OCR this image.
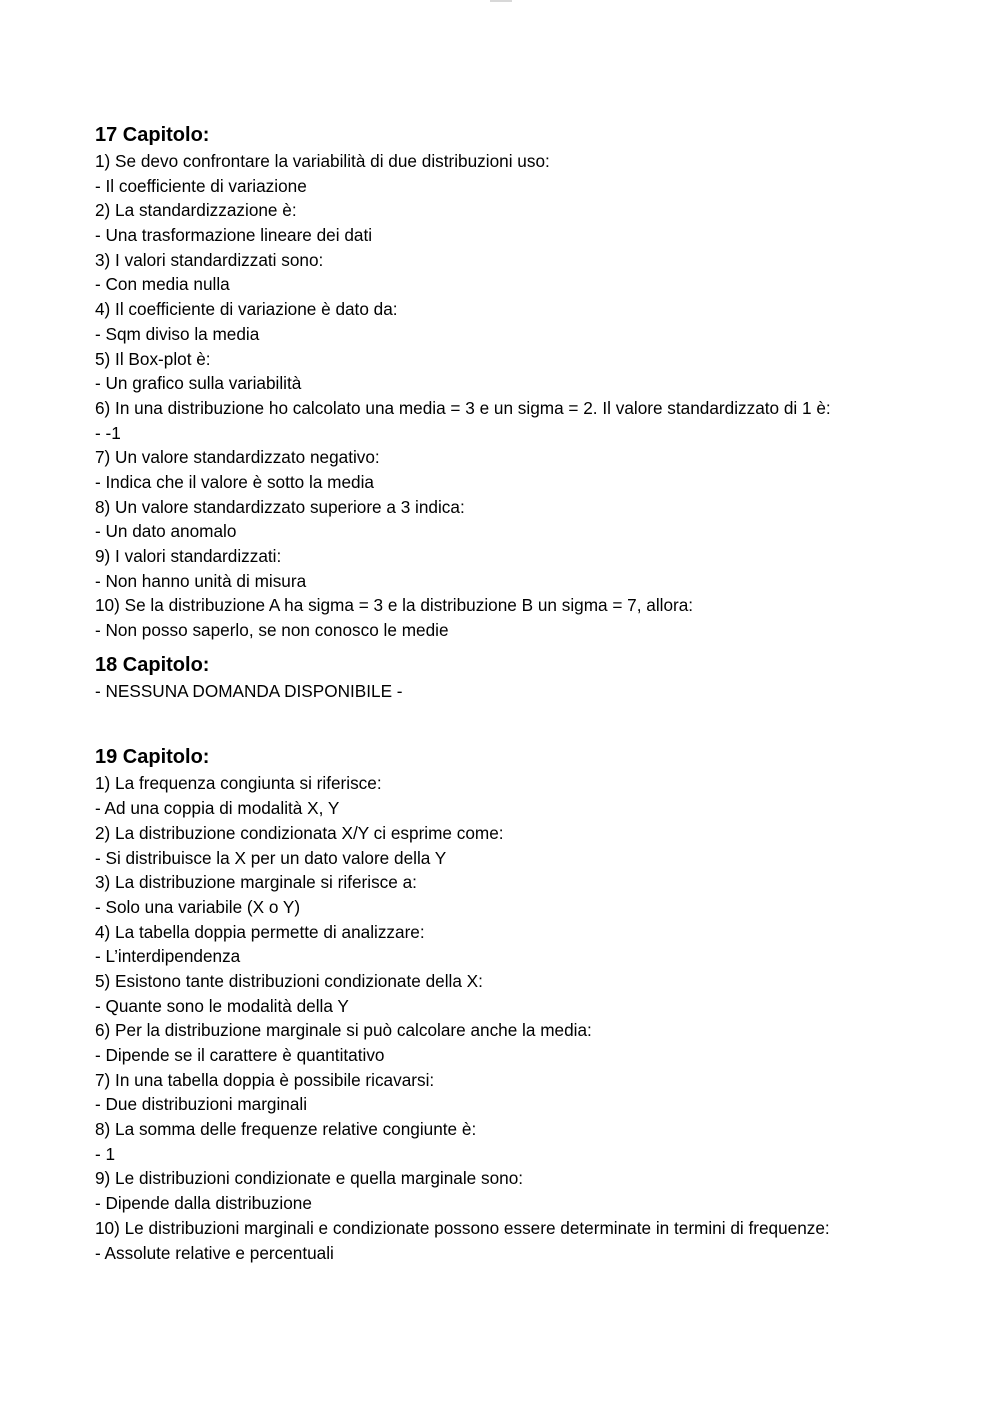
17 Capitolo:
1) Se devo confrontare la variabilità di due distribuzioni uso:
- Il coefficiente di variazione
2) La standardizzazione è:
- Una trasformazione lineare dei dati
3) I valori standardizzati sono:
- Con media nulla
4) Il coefficiente di variazione è dato da:
- Sqm diviso la media
5) Il Box-plot è:
- Un grafico sulla variabilità
6) In una distribuzione ho calcolato una media = 3 e un sigma = 2. Il valore standardizzato di 1 è:
- -1
7) Un valore standardizzato negativo:
- Indica che il valore è sotto la media
8) Un valore standardizzato superiore a 3 indica:
- Un dato anomalo
9) I valori standardizzati:
- Non hanno unità di misura
10) Se la distribuzione A ha sigma = 3 e la distribuzione B un sigma = 7, allora:
- Non posso saperlo, se non conosco le medie
18 Capitolo:
- NESSUNA DOMANDA DISPONIBILE -
19 Capitolo:
1) La frequenza congiunta si riferisce:
- Ad una coppia di modalità X, Y
2) La distribuzione condizionata X/Y ci esprime come:
- Si distribuisce la X per un dato valore della Y
3) La distribuzione marginale si riferisce a:
- Solo una variabile (X o Y)
4) La tabella doppia permette di analizzare:
- L’interdipendenza
5) Esistono tante distribuzioni condizionate della X:
- Quante sono le modalità della Y
6) Per la distribuzione marginale si può calcolare anche la media:
- Dipende se il carattere è quantitativo
7) In una tabella doppia è possibile ricavarsi:
- Due distribuzioni marginali
8) La somma delle frequenze relative congiunte è:
- 1
9) Le distribuzioni condizionate e quella marginale sono:
- Dipende dalla distribuzione
10) Le distribuzioni marginali e condizionate possono essere determinate in termini di frequenze:
- Assolute relative e percentuali
